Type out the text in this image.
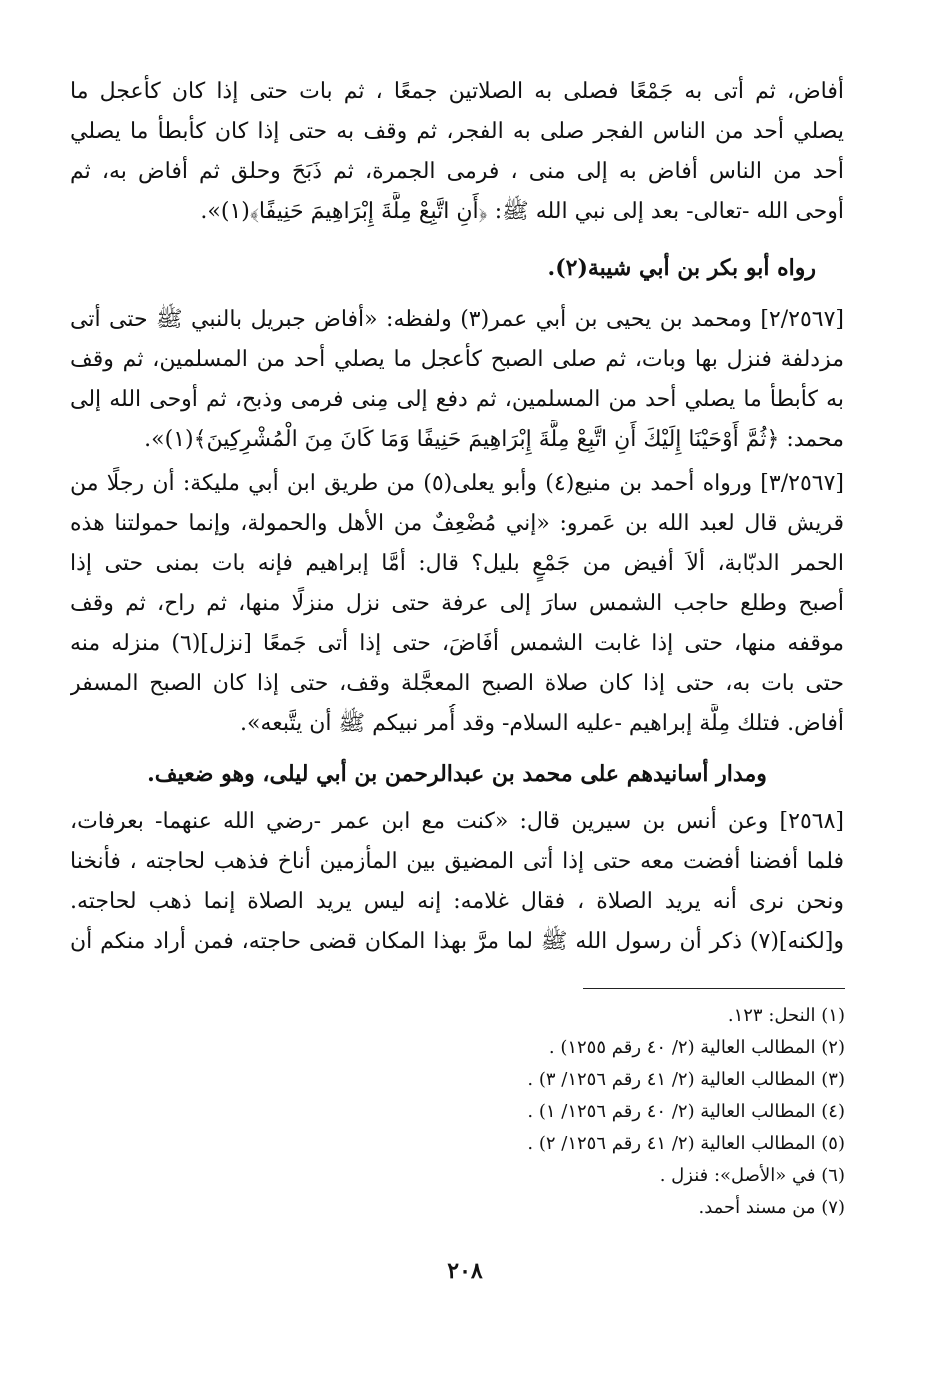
أفاض، ثم أتى به جَمْعًا فصلى به الصلاتين جمعًا ، ثم بات حتى إذا كان كأعجل ما
يصلي أحد من الناس الفجر صلى به الفجر، ثم وقف به حتى إذا كان كأبطأ ما يصلي
أحد من الناس أفاض به إلى منى ، فرمى الجمرة، ثم ذَبَحَ وحلق ثم أفاض به، ثم
أوحى الله -تعالى- بعد إلى نبي الله ﷺ: ﴿أَنِ اتَّبِعْ مِلَّةَ إِبْرَاهِيمَ حَنِيفًا﴾(١)».
رواه أبو بكر بن أبي شيبة(٢).
[٢/٢٥٦٧] ومحمد بن يحيى بن أبي عمر(٣) ولفظه: «أفاض جبريل بالنبي ﷺ حتى أتى
مزدلفة فنزل بها وبات، ثم صلى الصبح كأعجل ما يصلي أحد من المسلمين، ثم وقف
به كأبطأ ما يصلي أحد من المسلمين، ثم دفع إلى مِنى فرمى وذبح، ثم أوحى الله إلى
محمد: ﴿ثُمَّ أَوْحَيْنَا إِلَيْكَ أَنِ اتَّبِعْ مِلَّةَ إِبْرَاهِيمَ حَنِيفًا وَمَا كَانَ مِنَ الْمُشْرِكِينَ﴾(١)».
[٣/٢٥٦٧] ورواه أحمد بن منيع(٤) وأبو يعلى(٥) من طريق ابن أبي مليكة: أن رجلًا من
قريش قال لعبد الله بن عَمرو: «إني مُضْعِفٌ من الأهل والحمولة، وإنما حمولتنا هذه
الحمر الدبّابة، ألاَ أفيض من جَمْعٍ بليل؟ قال: أمَّا إبراهيم فإنه بات بمنى حتى إذا
أصبح وطلع حاجب الشمس سارَ إلى عرفة حتى نزل منزلًا منها، ثم راح، ثم وقف
موقفه منها، حتى إذا غابت الشمس أفَاضَ، حتى إذا أتى جَمعًا [نزل](٦) منزله منه
حتى بات به، حتى إذا كان صلاة الصبح المعجَّلة وقف، حتى إذا كان الصبح المسفر
أفاض. فتلك مِلَّة إبراهيم -عليه السلام- وقد أُمر نبيكم ﷺ أن يتَّبعه».
ومدار أسانيدهم على محمد بن عبدالرحمن بن أبي ليلى، وهو ضعيف.
[٢٥٦٨] وعن أنس بن سيرين قال: «كنت مع ابن عمر -رضي الله عنهما- بعرفات،
فلما أفضنا أفضت معه حتى إذا أتى المضيق بين المأزمين أناخ فذهب لحاجته ، فأنخنا
ونحن نرى أنه يريد الصلاة ، فقال غلامه: إنه ليس يريد الصلاة إنما ذهب لحاجته.
و[لكنه](٧) ذكر أن رسول الله ﷺ لما مرَّ بهذا المكان قضى حاجته، فمن أراد منكم أن
(١) النحل: ١٢٣.
(٢) المطالب العالية (٢/ ٤٠ رقم ١٢٥٥) .
(٣) المطالب العالية (٢/ ٤١ رقم ١٢٥٦/ ٣) .
(٤) المطالب العالية (٢/ ٤٠ رقم ١٢٥٦/ ١) .
(٥) المطالب العالية (٢/ ٤١ رقم ١٢٥٦/ ٢) .
(٦) في «الأصل»: فنزل .
(٧) من مسند أحمد.
٢٠٨
